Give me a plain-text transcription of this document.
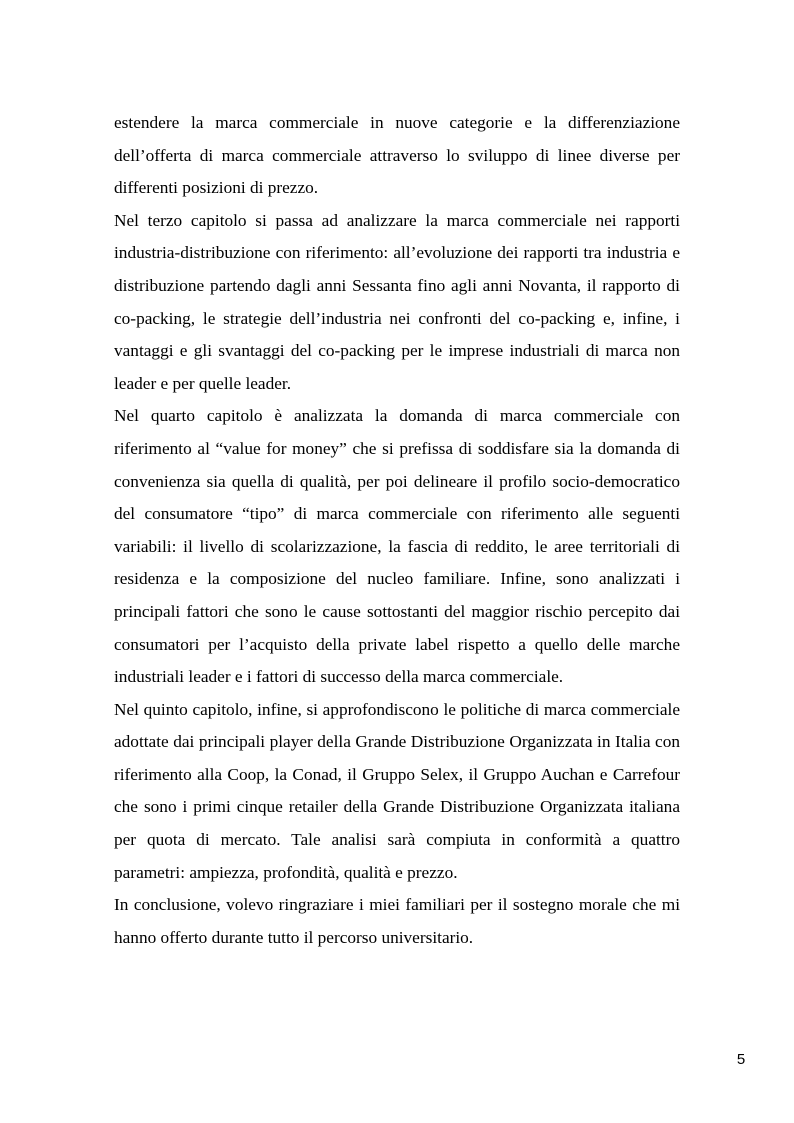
estendere la marca commerciale in nuove categorie e la differenziazione dell’offerta di marca commerciale attraverso lo sviluppo di linee diverse per differenti posizioni di prezzo.

Nel terzo capitolo si passa ad analizzare la marca commerciale nei rapporti industria-distribuzione con riferimento: all’evoluzione dei rapporti tra industria e distribuzione partendo dagli anni Sessanta fino agli anni Novanta, il rapporto di co-packing, le strategie dell’industria nei confronti del co-packing e, infine, i vantaggi e gli svantaggi del co-packing per le imprese industriali di marca non leader e per quelle leader.

Nel quarto capitolo è analizzata la domanda di marca commerciale con riferimento al “value for money” che si prefissa di soddisfare sia la domanda di convenienza sia quella di qualità, per poi delineare il profilo socio-democratico del consumatore “tipo” di marca commerciale con riferimento alle seguenti variabili: il livello di scolarizzazione, la fascia di reddito, le aree territoriali di residenza e la composizione del nucleo familiare. Infine, sono analizzati i principali fattori che sono le cause sottostanti del maggior rischio percepito dai consumatori per l’acquisto della private label rispetto a quello delle marche industriali leader e i fattori di successo della marca commerciale.

Nel quinto capitolo, infine, si approfondiscono le politiche di marca commerciale adottate dai principali player della Grande Distribuzione Organizzata in Italia con riferimento alla Coop, la Conad, il Gruppo Selex, il Gruppo Auchan e Carrefour che sono i primi cinque retailer della Grande Distribuzione Organizzata italiana per quota di mercato. Tale analisi sarà compiuta in conformità a quattro parametri: ampiezza, profondità, qualità e prezzo.

In conclusione, volevo ringraziare i miei familiari per il sostegno morale che mi hanno offerto durante tutto il percorso universitario.

5
